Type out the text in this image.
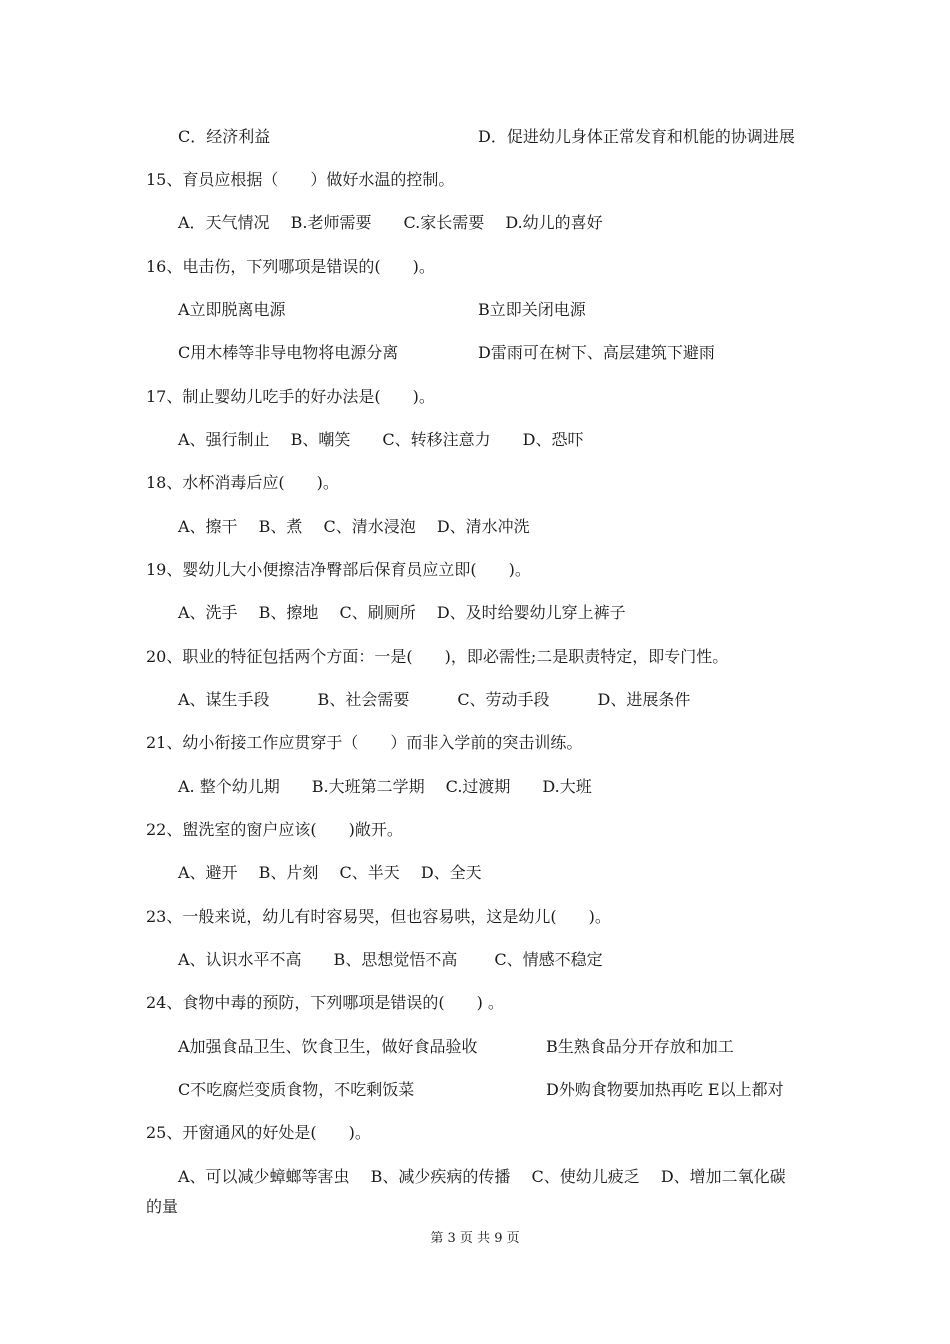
C．经济利益	D．促进幼儿身体正常发育和机能的协调进展
15、育员应根据（　　）做好水温的控制。
A．天气情况　 B.老师需要　　C.家长需要　 D.幼儿的喜好
16、电击伤，下列哪项是错误的(　　)。
A立即脱离电源	B立即关闭电源
C用木棒等非导电物将电源分离	D雷雨可在树下、高层建筑下避雨
17、制止婴幼儿吃手的好办法是(　　)。
A、强行制止　 B、嘲笑　　C、转移注意力　　D、恐吓
18、水杯消毒后应(　　)。
A、擦干　 B、煮　 C、清水浸泡　 D、清水冲洗
19、婴幼儿大小便擦洁净臀部后保育员应立即(　　)。
A、洗手　 B、擦地　 C、刷厕所　 D、及时给婴幼儿穿上裤子
20、职业的特征包括两个方面：一是(　　)，即必需性;二是职责特定，即专门性。
A、谋生手段　　　B、社会需要　　　C、劳动手段　　　D、进展条件
21、幼小衔接工作应贯穿于（　　）而非入学前的突击训练。
A. 整个幼儿期　　B.大班第二学期　 C.过渡期　　D.大班
22、盥洗室的窗户应该(　　)敞开。
A、避开　 B、片刻　 C、半天　 D、全天
23、一般来说，幼儿有时容易哭，但也容易哄，这是幼儿(　　)。
A、认识水平不高　　B、思想觉悟不高　　 C、情感不稳定
24、食物中毒的预防，下列哪项是错误的(　　) 。
A加强食品卫生、饮食卫生，做好食品验收	B生熟食品分开存放和加工
C不吃腐烂变质食物，不吃剩饭菜	D外购食物要加热再吃 E以上都对
25、开窗通风的好处是(　　)。
A、可以减少蟑螂等害虫　 B、减少疾病的传播　 C、使幼儿疲乏　 D、增加二氧化碳
的量
第 3 页 共 9 页
